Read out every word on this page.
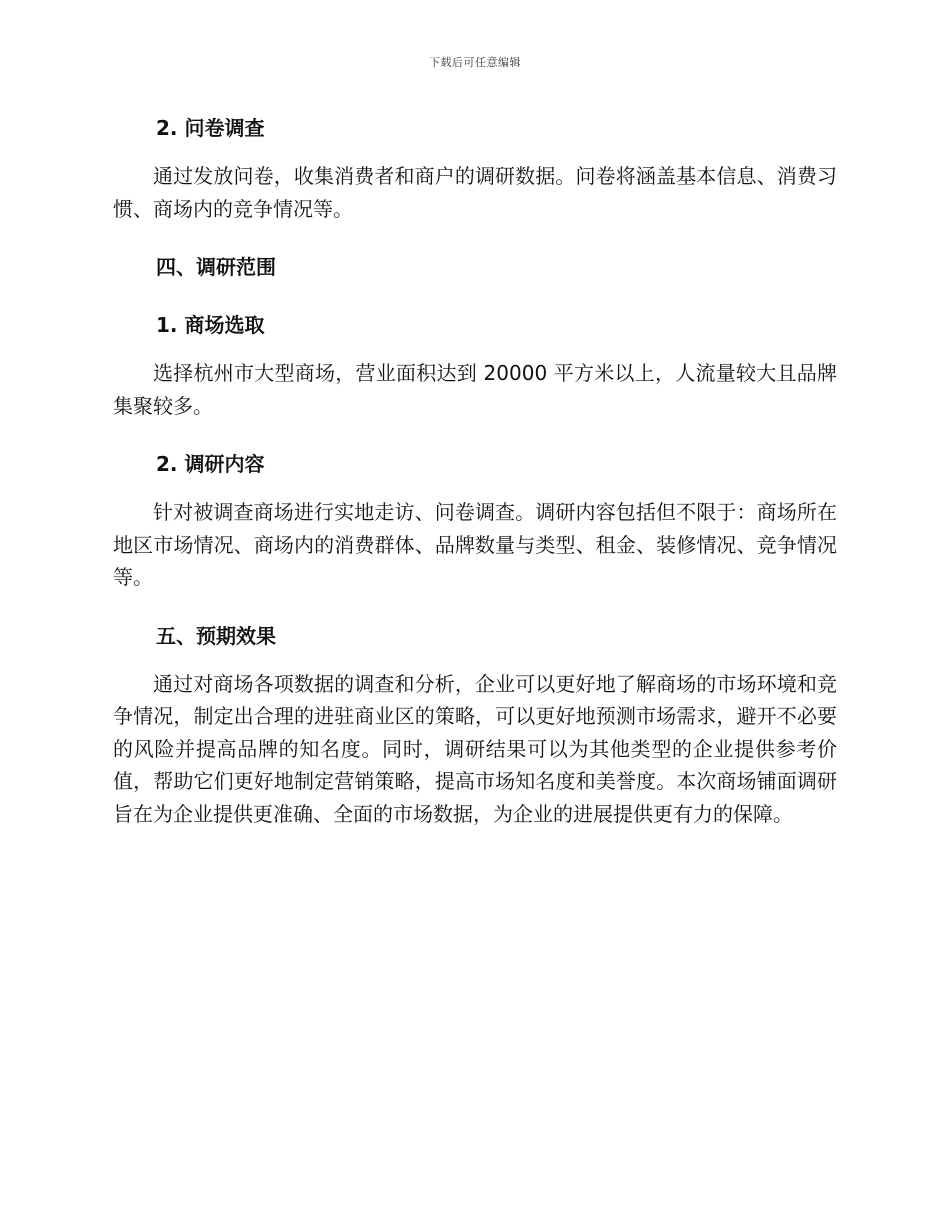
下载后可任意编辑
2. 问卷调查

通过发放问卷，收集消费者和商户的调研数据。问卷将涵盖基本信息、消费习惯、商场内的竞争情况等。

四、调研范围
1. 商场选取

选择杭州市大型商场，营业面积达到 20000 平方米以上，人流量较大且品牌集聚较多。

2. 调研内容

针对被调查商场进行实地走访、问卷调查。调研内容包括但不限于：商场所在地区市场情况、商场内的消费群体、品牌数量与类型、租金、装修情况、竞争情况等。

五、预期效果

通过对商场各项数据的调查和分析，企业可以更好地了解商场的市场环境和竞争情况，制定出合理的进驻商业区的策略，可以更好地预测市场需求，避开不必要的风险并提高品牌的知名度。同时，调研结果可以为其他类型的企业提供参考价值，帮助它们更好地制定营销策略，提高市场知名度和美誉度。本次商场铺面调研旨在为企业提供更准确、全面的市场数据，为企业的进展提供更有力的保障。
